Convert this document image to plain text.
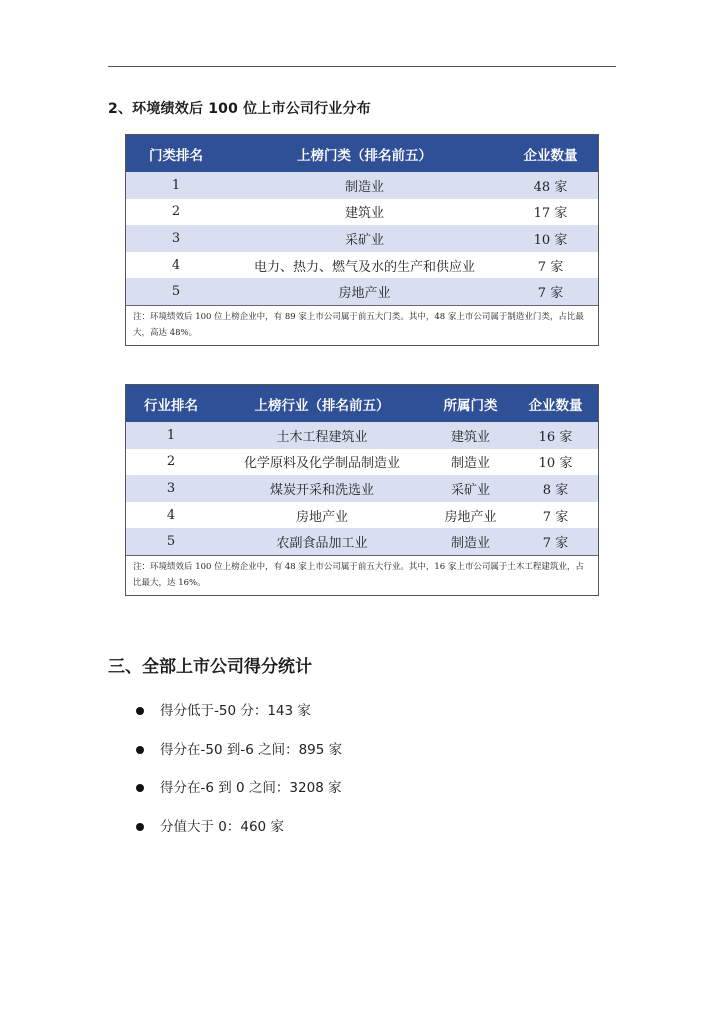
2、环境绩效后 100 位上市公司行业分布
门类排名	上榜门类（排名前五）	企业数量
1	制造业	48 家
2	建筑业	17 家
3	采矿业	10 家
4	电力、热力、燃气及水的生产和供应业	7 家
5	房地产业	7 家
注：环境绩效后 100 位上榜企业中，有 89 家上市公司属于前五大门类。其中，48 家上市公司属于制造业门类，占比最大，高达 48%。
行业排名	上榜行业（排名前五）	所属门类	企业数量
1	土木工程建筑业	建筑业	16 家
2	化学原料及化学制品制造业	制造业	10 家
3	煤炭开采和洗选业	采矿业	8 家
4	房地产业	房地产业	7 家
5	农副食品加工业	制造业	7 家
注：环境绩效后 100 位上榜企业中，有 48 家上市公司属于前五大行业。其中，16 家上市公司属于土木工程建筑业，占比最大，达 16%。
三、全部上市公司得分统计
得分低于-50 分：143 家
得分在-50 到-6 之间：895 家
得分在-6 到 0 之间：3208 家
分值大于 0：460 家
